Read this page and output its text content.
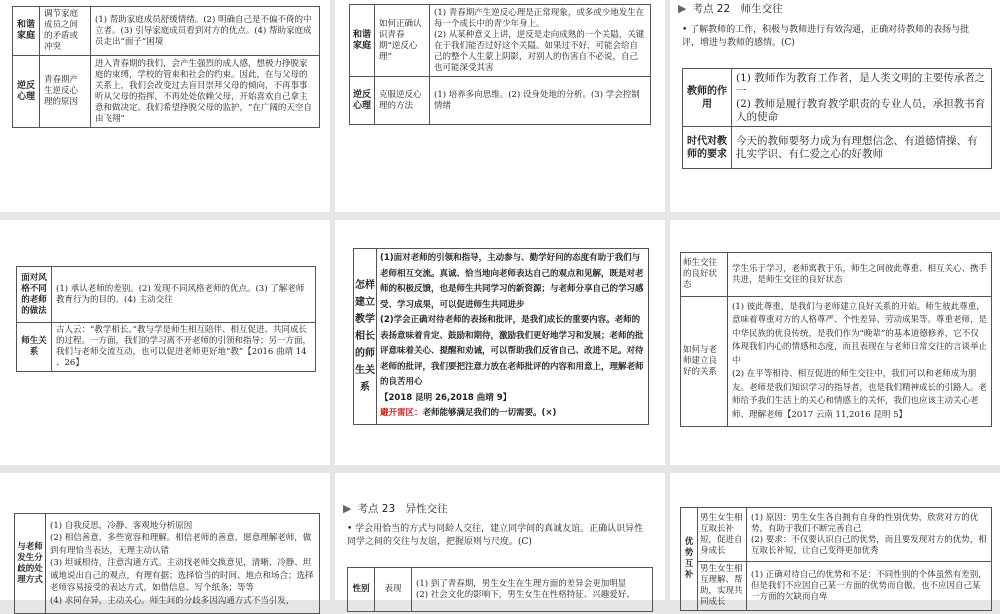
和谐家庭	调节家庭成员之间的矛盾或冲突	(1) 帮助家庭成员舒缓情绪。(2) 明确自己是不偏不倚的中立者。(3) 引导家庭成员看到对方的优点。(4) 帮助家庭成员走出“面子”困境
逆反心理	青春期产生逆反心理的原因	进入青春期的我们，会产生强烈的成人感，想极力挣脱家庭的束缚，学校的管束和社会的约束。因此，在与父母的关系上，我们会改变过去盲目崇拜父母的倾向，不再事事听从父母的指挥，不再处处依赖父母，开始喜欢自己拿主意和做决定。我们希望挣脱父母的监护，“在广阔的天空自由飞翔”
和谐家庭	如何正确认识青春期“逆反心理”	(1) 青春期产生逆反心理是正常现象，或多或少地发生在每一个成长中的青少年身上。
(2) 从某种意义上讲，逆反是走向成熟的一个关隘，关键在于我们能否过好这个关隘。如果过不好，可能会给自己的整个人生蒙上阴影，对别人的伤害自不必说，自己也可能深受其害
逆反心理	克服逆反心理的方法	(1) 培养多向思维。(2) 设身处地的分析。(3) 学会控制情绪
▶ 考点 22　师生交往
• 了解教师的工作，积极与教师进行有效沟通，正确对待教师的表扬与批评，增进与教师的感情。(C)
教师的作用	(1) 教师作为教育工作者，是人类文明的主要传承者之一
(2) 教师是履行教育教学职责的专业人员，承担教书育人的使命
时代对教师的要求	今天的教师要努力成为有理想信念、有道德情操、有扎实学识、有仁爱之心的好教师
面对风格不同的老师的做法	(1) 承认老师的差别。(2) 发现不同风格老师的优点。(3) 了解老师教育行为的目的。(4) 主动交往
师生关系	古人云：“教学相长。”教与学是师生相互陪伴、相互促进、共同成长的过程。一方面，我们的学习离不开老师的引领和指导；另一方面，我们与老师交流互动，也可以促进老师更好地“教”【2016 曲靖 14 、26】
怎样建立教学相长的师生关系	
(1)面对老师的引领和指导，主动参与、勤学好问的态度有助于我们与老师相互交流。真诚、恰当地向老师表达自己的观点和见解，既是对老师的积极反馈，也是师生共同学习的新资源；与老师分享自己的学习感受、学习成果，可以促进师生共同进步
(2)学会正确对待老师的表扬和批评，是我们成长的重要内容。老师的表扬意味着肯定、鼓励和期待，激励我们更好地学习和发展；老师的批评意味着关心、提醒和劝诫，可以帮助我们反省自己、改进不足。对待老师的批评，我们要把注意力放在老师批评的内容和用意上，理解老师的良苦用心
【2018 昆明 26,2018 曲靖 9】
避开雷区：老师能够满足我们的一切需要。(×)
师生交往的良好状态	学生乐于学习，老师寓教于乐，师生之间彼此尊重、相互关心、携手共进，是师生交往的良好状态
如何与老师建立良好的关系	(1) 彼此尊重，是我们与老师建立良好关系的开始。师生彼此尊重，意味着尊重对方的人格尊严、个性差异、劳动成果等。尊重老师，是中华民族的优良传统，是我们作为“晚辈”的基本道德修养，它不仅体现我们内心的情感和态度，而且表现在与老师日常交往的言谈举止中
(2) 在平等相待、相互促进的师生交往中，我们可以和老师成为朋友。老师是我们知识学习的指导者，也是我们精神成长的引路人。老师给予我们生活上的关心和情感上的关怀，我们也应该主动关心老师、理解老师【2017 云南 11,2016 昆明 5】
与老师发生分歧的处理方式	(1) 自我反思，冷静、客观地分析原因
(2) 相信善意，多些宽容和理解。相信老师的善意，愿意理解老师，做到有理恰当表达，无理主动认错
(3) 坦诚相待，注意沟通方式。主动找老师交换意见，清晰、冷静、坦诚地说出自己的观点，有理有据；选择恰当的时间、地点和场合；选择老师容易接受的表达方式，如借信息、写个纸条；等等
(4) 求同存异，主动关心。师生间的分歧多因沟通方式不当引发，
▶ 考点 23　异性交往
• 学会用恰当的方式与同龄人交往，建立同学间的真诚友谊。正确认识异性同学之间的交往与友谊，把握原则与尺度。(C)
性别	表现	(1) 到了青春期，男生女生在生理方面的差异会更加明显
(2) 社会文化的影响下，男生女生在性格特征、兴趣爱好、
优势互补	男生女生相互取长补短，促进自身成长	(1) 原因：男生女生各自拥有自身的性别优势，欣赏对方的优势，有助于我们不断完善自己
(2) 要求：不仅要认识自己的优势，而且要发现对方的优势，相互取长补短，让自己变得更加优秀
	男生女生相互理解、帮助，实现共同成长	(1) 正确对待自己的优势和不足：不同性别的个体虽然有差别，但是我们不应因自己某一方面的优势而自傲，也不应因自己某一方面的欠缺而自卑
